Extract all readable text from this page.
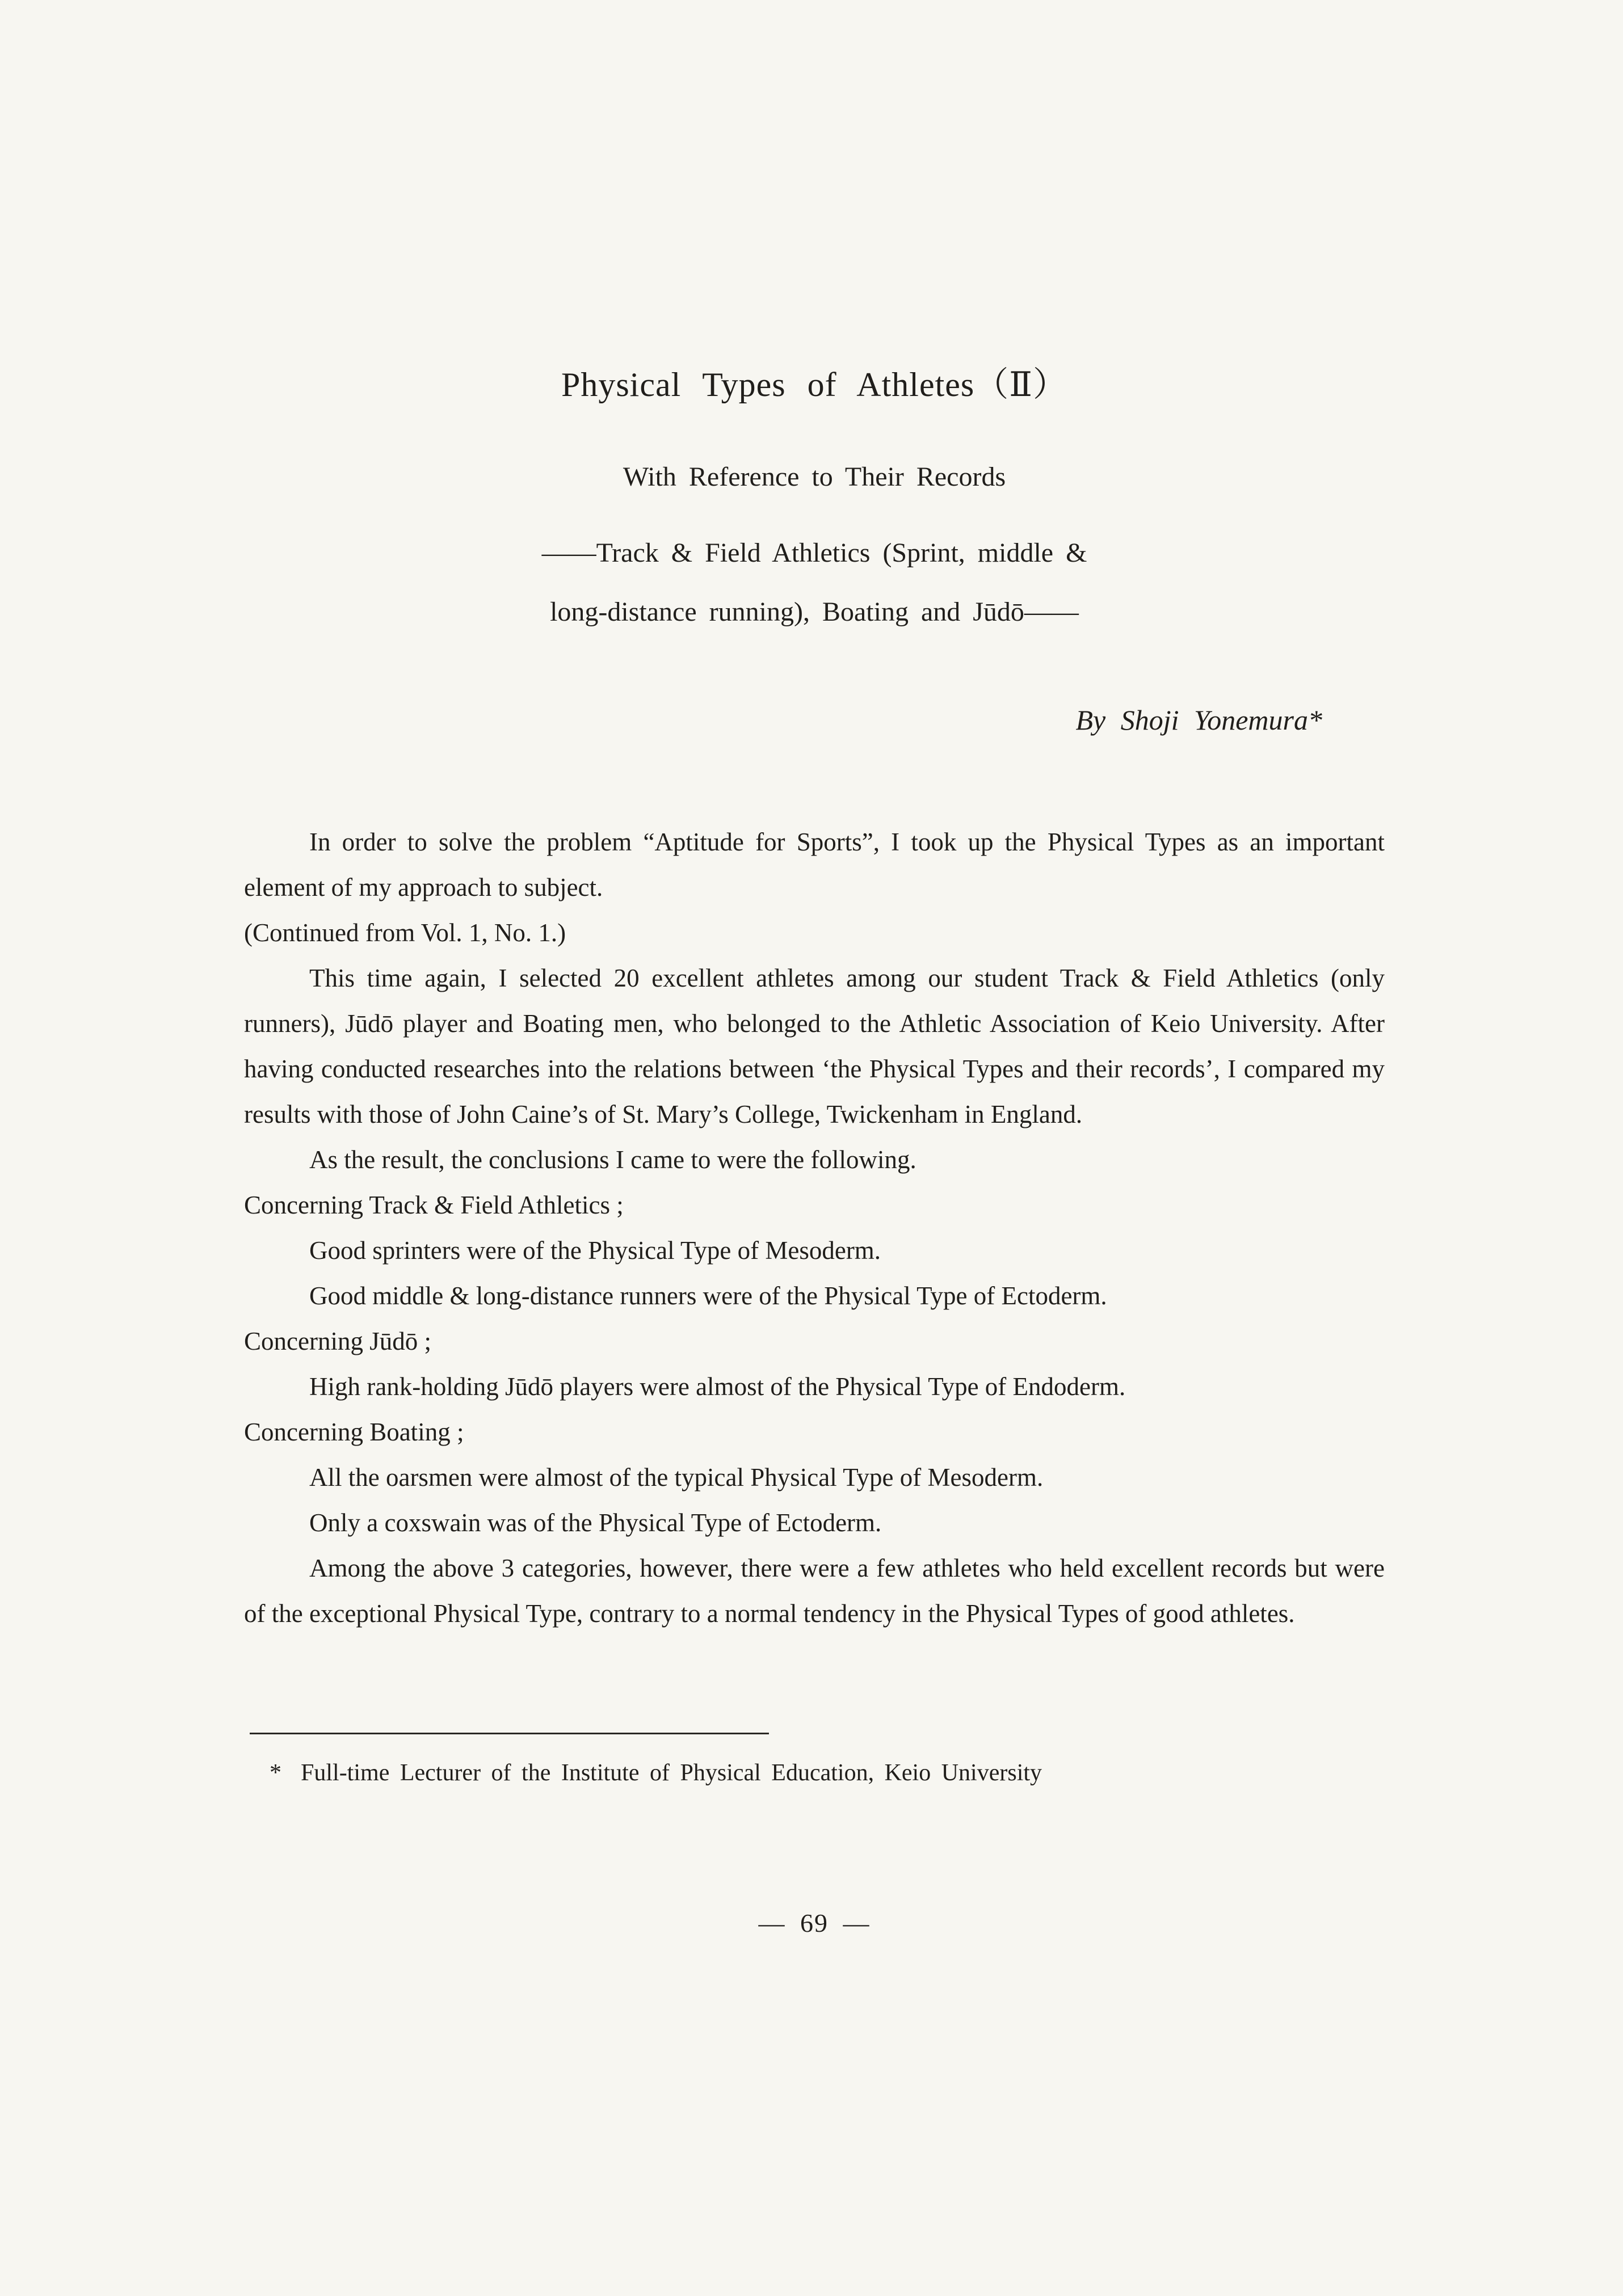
Physical Types of Athletes（Ⅱ）
With Reference to Their Records
——Track & Field Athletics (Sprint, middle &
long-distance running), Boating and Jūdō——
By Shoji Yonemura*

In order to solve the problem “Aptitude for Sports”, I took up the Physical Types as an important element of my approach to subject.

(Continued from Vol. 1, No. 1.)

This time again, I selected 20 excellent athletes among our student Track & Field Athletics (only runners), Jūdō player and Boating men, who belonged to the Athletic Association of Keio University. After having conducted researches into the relations between ‘the Physical Types and their records’, I compared my results with those of John Caine’s of St. Mary’s College, Twickenham in England.

As the result, the conclusions I came to were the following.

Concerning Track & Field Athletics ;

Good sprinters were of the Physical Type of Mesoderm.

Good middle & long-distance runners were of the Physical Type of Ectoderm.

Concerning Jūdō ;

High rank-holding Jūdō players were almost of the Physical Type of Endoderm.

Concerning Boating ;

All the oarsmen were almost of the typical Physical Type of Mesoderm.

Only a coxswain was of the Physical Type of Ectoderm.

Among the above 3 categories, however, there were a few athletes who held excellent records but were of the exceptional Physical Type, contrary to a normal tendency in the Physical Types of good athletes.

* Full-time Lecturer of the Institute of Physical Education, Keio University
— 69 —
